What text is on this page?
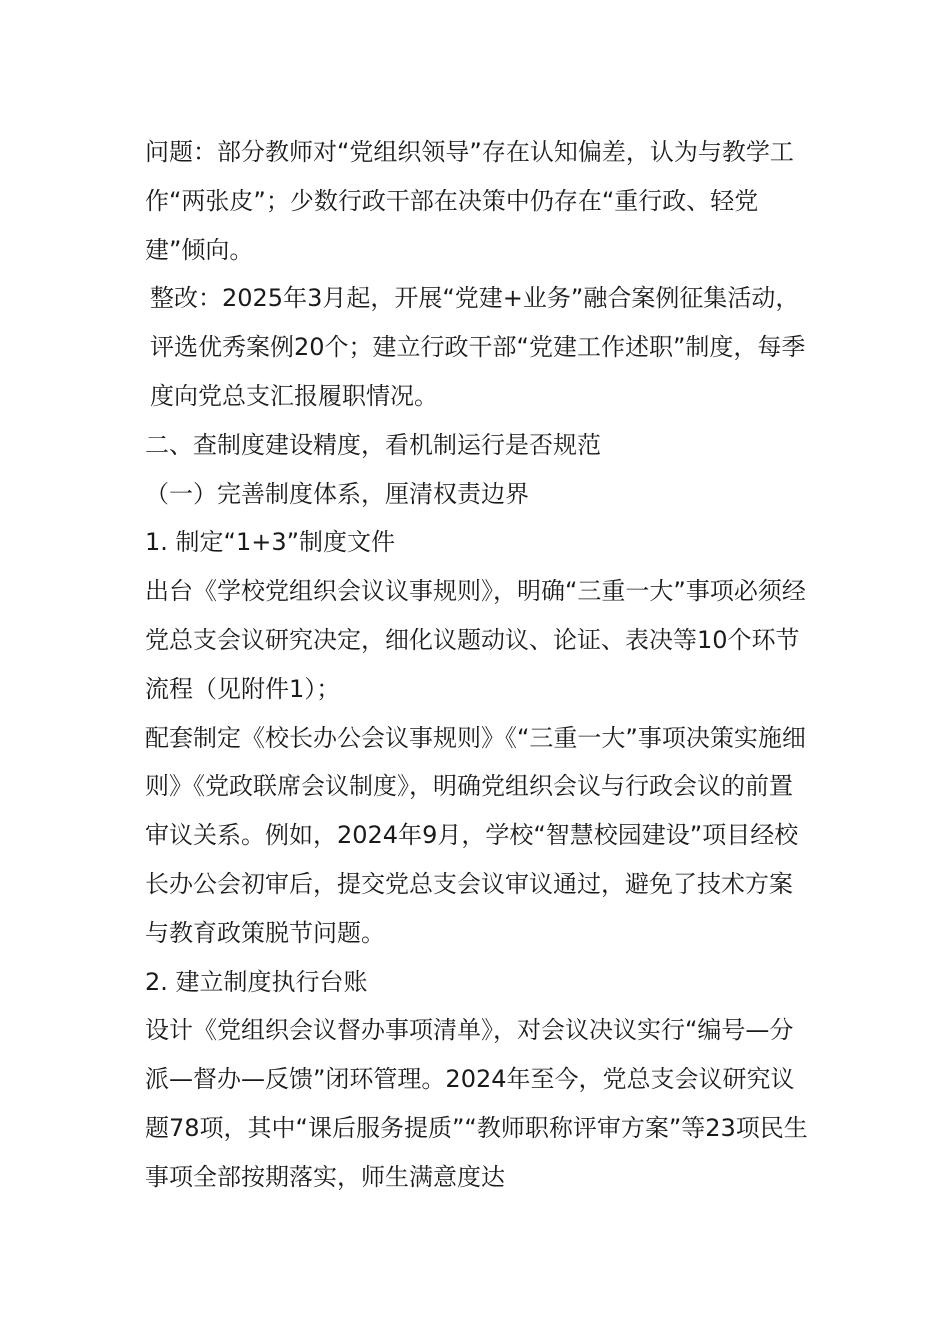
问题：部分教师对“党组织领导”存在认知偏差，认为与教学工作“两张皮”；少数行政干部在决策中仍存在“重行政、轻党建”倾向。

整改：2025年3月起，开展“党建+业务”融合案例征集活动，评选优秀案例20个；建立行政干部“党建工作述职”制度，每季度向党总支汇报履职情况。

二、查制度建设精度，看机制运行是否规范

（一）完善制度体系，厘清权责边界

1. 制定“1+3”制度文件

出台《学校党组织会议议事规则》，明确“三重一大”事项必须经党总支会议研究决定，细化议题动议、论证、表决等10个环节流程（见附件1）；

配套制定《校长办公会议事规则》《“三重一大”事项决策实施细则》《党政联席会议制度》，明确党组织会议与行政会议的前置审议关系。例如，2024年9月，学校“智慧校园建设”项目经校长办公会初审后，提交党总支会议审议通过，避免了技术方案与教育政策脱节问题。

2. 建立制度执行台账

设计《党组织会议督办事项清单》，对会议决议实行“编号—分派—督办—反馈”闭环管理。2024年至今，党总支会议研究议题78项，其中“课后服务提质”“教师职称评审方案”等23项民生事项全部按期落实，师生满意度达
